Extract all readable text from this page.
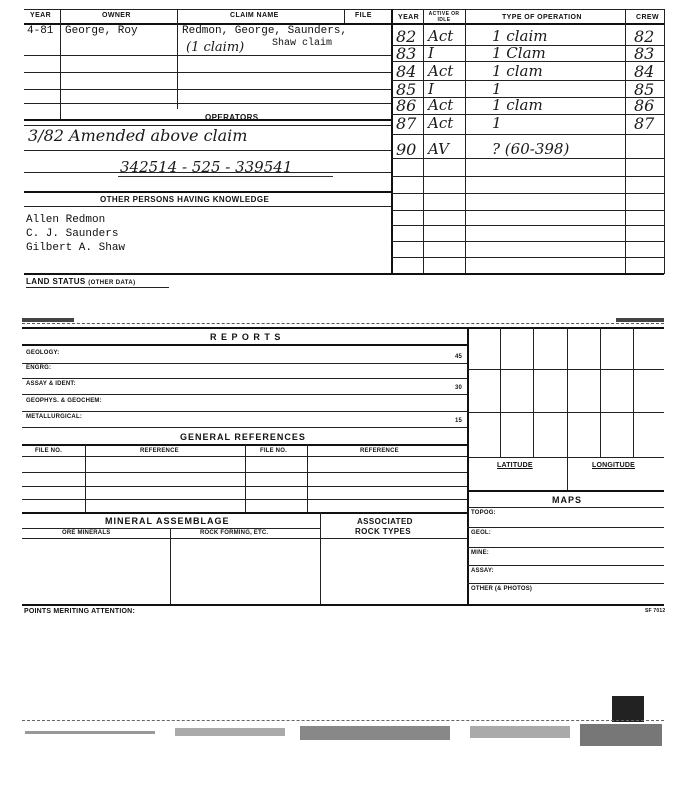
YEAR	OWNER	CLAIM NAME	FILE	YEAR	ACTIVE OR IDLE	TYPE OF OPERATION	CREW
4-81 George, Roy	Redmon, George, Saunders,
Shaw claim
(1 claim)
OPERATORS
3/82 Amended above claim
342514 - 525 - 339541
82 Act	1 claim	82
83 I	1 Clam	83
84 Act	1 clam	84
85 I	1	85
86 Act	1 clam	86
87 Act	1	87
90 AV	? (60-398)
OTHER PERSONS HAVING KNOWLEDGE
Allen Redmon
C. J. Saunders
Gilbert A. Shaw
LAND STATUS (OTHER DATA)
R E P O R T S
GEOLOGY:
45
ENGRG:
ASSAY & IDENT:
30
GEOPHYS. & GEOCHEM:
METALLURGICAL:
15
GENERAL REFERENCES
FILE NO.	REFERENCE	FILE NO.	REFERENCE
MINERAL ASSEMBLAGE	ASSOCIATED
ROCK TYPES
ORE MINERALS	ROCK FORMING, ETC.
LATITUDE	LONGITUDE
MAPS
TOPOG:
GEOL:
MINE:
ASSAY:
OTHER (& PHOTOS)
POINTS MERITING ATTENTION:	SF 7012
